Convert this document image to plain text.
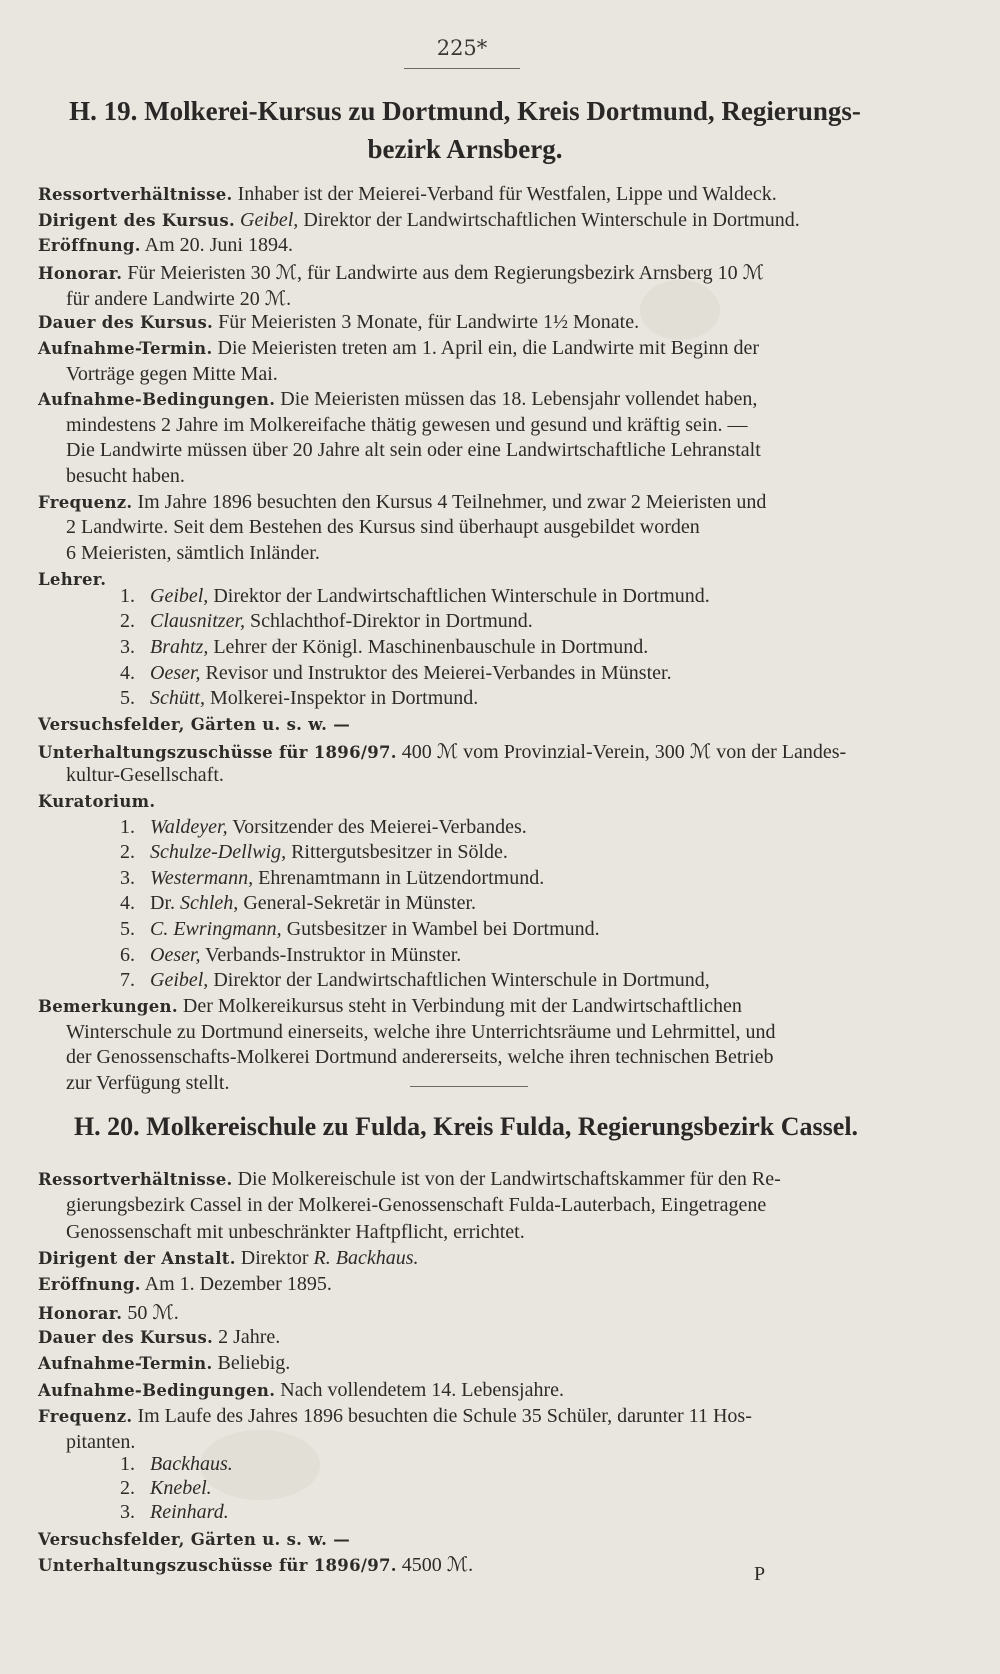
225*
H. 19. Molkerei-Kursus zu Dortmund, Kreis Dortmund, Regierungs-
bezirk Arnsberg.
Ressortverhältnisse. Inhaber ist der Meierei-Verband für Westfalen, Lippe und Waldeck.
Dirigent des Kursus. Geibel, Direktor der Landwirtschaftlichen Winterschule in Dortmund.
Eröffnung. Am 20. Juni 1894.
Honorar. Für Meieristen 30 ℳ, für Landwirte aus dem Regierungsbezirk Arnsberg 10 ℳ
für andere Landwirte 20 ℳ.
Dauer des Kursus. Für Meieristen 3 Monate, für Landwirte 1½ Monate.
Aufnahme-Termin. Die Meieristen treten am 1. April ein, die Landwirte mit Beginn der
Vorträge gegen Mitte Mai.
Aufnahme-Bedingungen. Die Meieristen müssen das 18. Lebensjahr vollendet haben,
mindestens 2 Jahre im Molkereifache thätig gewesen und gesund und kräftig sein. —
Die Landwirte müssen über 20 Jahre alt sein oder eine Landwirtschaftliche Lehranstalt
besucht haben.
Frequenz. Im Jahre 1896 besuchten den Kursus 4 Teilnehmer, und zwar 2 Meieristen und
2 Landwirte. Seit dem Bestehen des Kursus sind überhaupt ausgebildet worden
6 Meieristen, sämtlich Inländer.
Lehrer.
1. Geibel, Direktor der Landwirtschaftlichen Winterschule in Dortmund.
2. Clausnitzer, Schlachthof-Direktor in Dortmund.
3. Brahtz, Lehrer der Königl. Maschinenbauschule in Dortmund.
4. Oeser, Revisor und Instruktor des Meierei-Verbandes in Münster.
5. Schütt, Molkerei-Inspektor in Dortmund.
Versuchsfelder, Gärten u. s. w. —
Unterhaltungszuschüsse für 1896/97. 400 ℳ vom Provinzial-Verein, 300 ℳ von der Landes-
kultur-Gesellschaft.
Kuratorium.
1. Waldeyer, Vorsitzender des Meierei-Verbandes.
2. Schulze-Dellwig, Rittergutsbesitzer in Sölde.
3. Westermann, Ehrenamtmann in Lützendortmund.
4. Dr. Schleh, General-Sekretär in Münster.
5. C. Ewringmann, Gutsbesitzer in Wambel bei Dortmund.
6. Oeser, Verbands-Instruktor in Münster.
7. Geibel, Direktor der Landwirtschaftlichen Winterschule in Dortmund,
Bemerkungen. Der Molkereikursus steht in Verbindung mit der Landwirtschaftlichen
Winterschule zu Dortmund einerseits, welche ihre Unterrichtsräume und Lehrmittel, und
der Genossenschafts-Molkerei Dortmund andererseits, welche ihren technischen Betrieb
zur Verfügung stellt.
H. 20. Molkereischule zu Fulda, Kreis Fulda, Regierungsbezirk Cassel.
Ressortverhältnisse. Die Molkereischule ist von der Landwirtschaftskammer für den Re-
gierungsbezirk Cassel in der Molkerei-Genossenschaft Fulda-Lauterbach, Eingetragene
Genossenschaft mit unbeschränkter Haftpflicht, errichtet.
Dirigent der Anstalt. Direktor R. Backhaus.
Eröffnung. Am 1. Dezember 1895.
Honorar. 50 ℳ.
Dauer des Kursus. 2 Jahre.
Aufnahme-Termin. Beliebig.
Aufnahme-Bedingungen. Nach vollendetem 14. Lebensjahre.
Frequenz. Im Laufe des Jahres 1896 besuchten die Schule 35 Schüler, darunter 11 Hos-
pitanten.
1. Backhaus.
2. Knebel.
3. Reinhard.
Versuchsfelder, Gärten u. s. w. —
Unterhaltungszuschüsse für 1896/97. 4500 ℳ.	P
